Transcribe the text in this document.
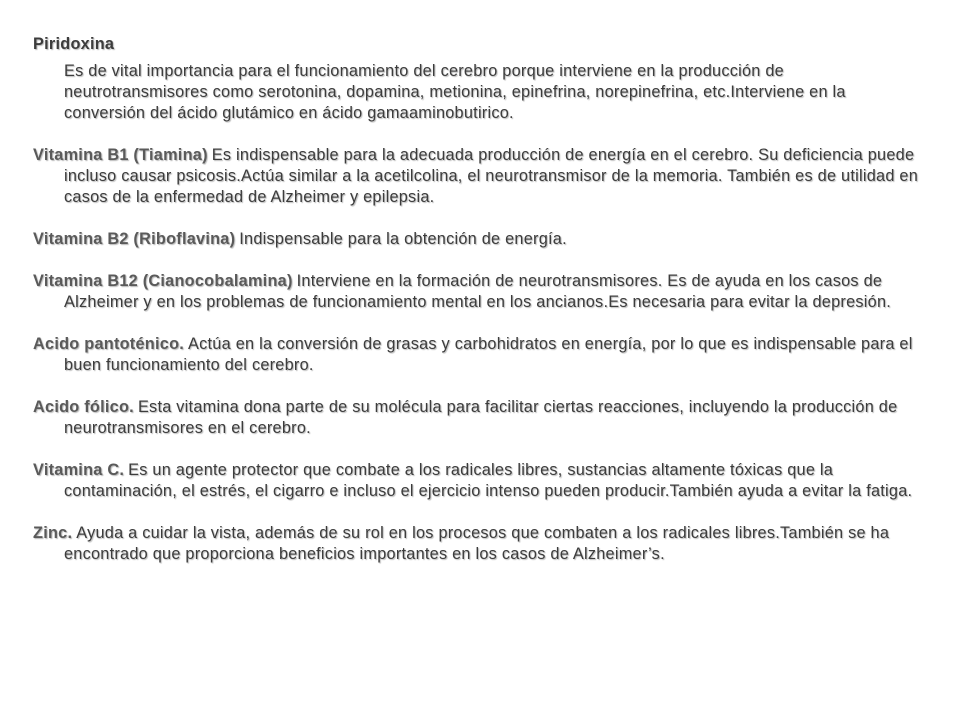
Piridoxina

Es de vital importancia para el funcionamiento del cerebro porque interviene en la producción de neutrotransmisores como serotonina, dopamina, metionina, epinefrina, norepinefrina, etc.Interviene en la conversión del ácido glutámico en ácido gamaaminobutirico.

Vitamina B1 (Tiamina) Es indispensable para la adecuada producción de energía en el cerebro. Su deficiencia puede incluso causar psicosis.Actúa similar a la acetilcolina, el neurotransmisor de la memoria. También es de utilidad en casos de la enfermedad de Alzheimer y epilepsia.

Vitamina B2 (Riboflavina) Indispensable para la obtención de energía.

Vitamina B12 (Cianocobalamina) Interviene en la formación de neurotransmisores. Es de ayuda en los casos de Alzheimer y en los problemas de funcionamiento mental en los ancianos.Es necesaria para evitar la depresión.

Acido pantoténico. Actúa en la conversión de grasas y carbohidratos en energía, por lo que es indispensable para el buen funcionamiento del cerebro.

Acido fólico. Esta vitamina dona parte de su molécula para facilitar ciertas reacciones, incluyendo la producción de neurotransmisores en el cerebro.

Vitamina C. Es un agente protector que combate a los radicales libres, sustancias altamente tóxicas que la contaminación, el estrés, el cigarro e incluso el ejercicio intenso pueden producir.También ayuda a evitar la fatiga.

Zinc. Ayuda a cuidar la vista, además de su rol en los procesos que combaten a los radicales libres.También se ha encontrado que proporciona beneficios importantes en los casos de Alzheimer’s.
